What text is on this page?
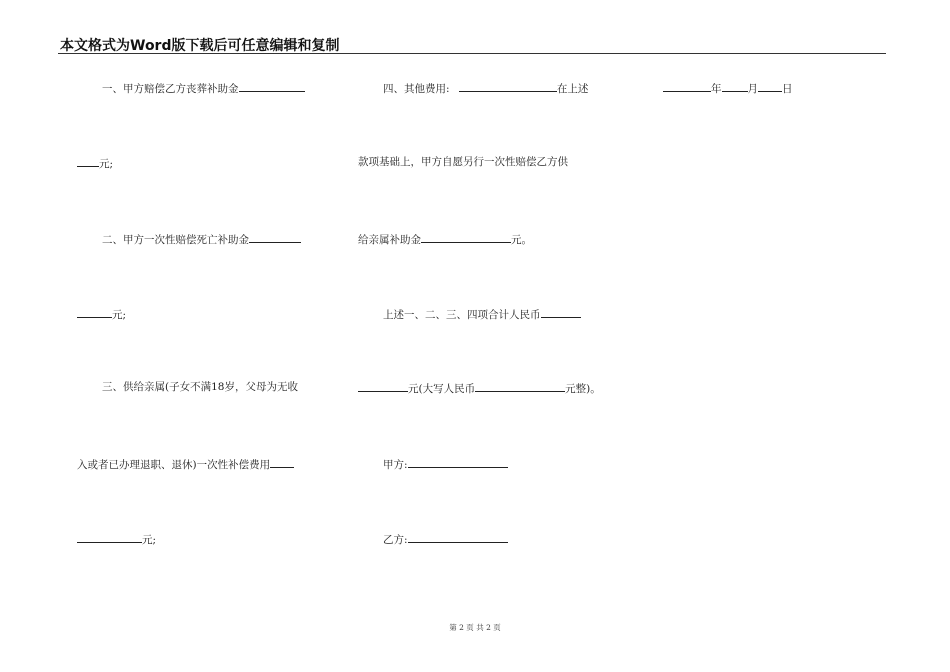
本文格式为Word版下载后可任意编辑和复制
一、甲方赔偿乙方丧葬补助金
元;
二、甲方一次性赔偿死亡补助金
元;
三、供给亲属(子女不满18岁，父母为无收
入或者已办理退职、退休)一次性补偿费用
元;
四、其他费用:	在上述
款项基础上，甲方自愿另行一次性赔偿乙方供
给亲属补助金	元。
上述一、二、三、四项合计人民币
元(大写人民币	元整)。
甲方:
乙方:
年 月 日
第 2 页 共 2 页
